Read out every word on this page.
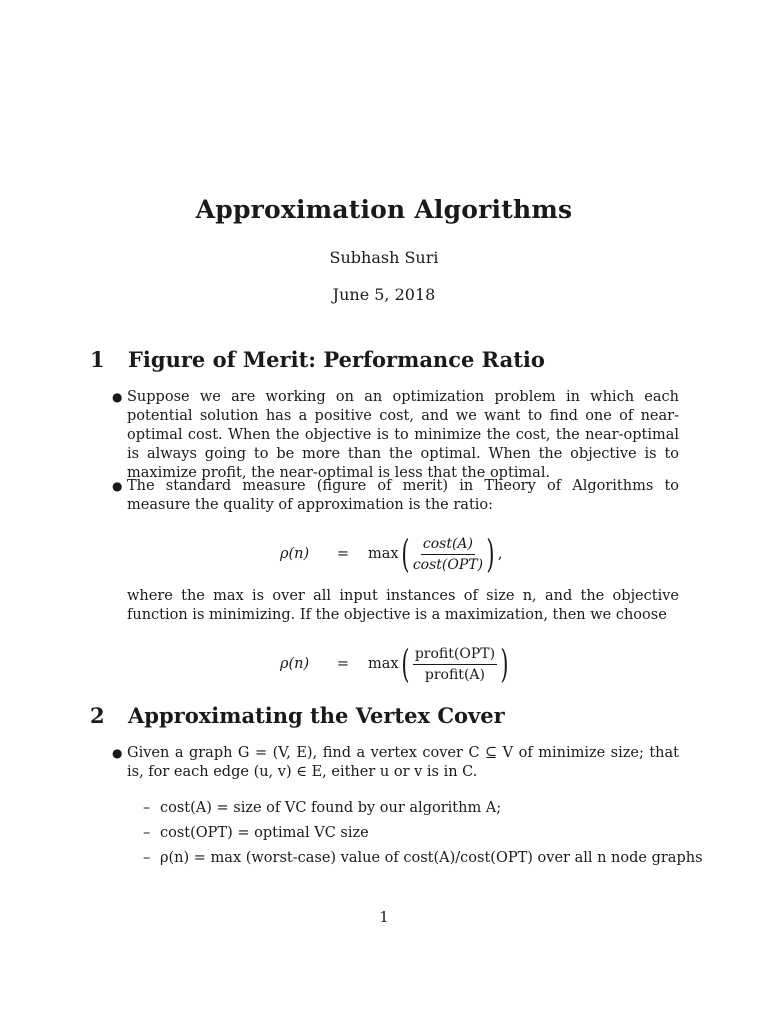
Approximation Algorithms
Subhash Suri
June 5, 2018
1 Figure of Merit: Performance Ratio
● Suppose we are working on an optimization problem in which each potential solution has a positive cost, and we want to find one of near-optimal cost. When the objective is to minimize the cost, the near-optimal is always going to be more than the optimal. When the objective is to maximize profit, the near-optimal is less that the optimal.
● The standard measure (figure of merit) in Theory of Algorithms to measure the quality of approximation is the ratio:
ρ(n)	=	max ( $\frac{\cos t(A)}{\text{cost(OPT)}}$ ) ,
where the max is over all input instances of size n, and the objective function is minimizing. If the objective is a maximization, then we choose
ρ(n)	=	max ( $\frac{\text{profit(OPT)}}{\text{profit(A)}}$ )
2 Approximating the Vertex Cover
● Given a graph G = (V, E), find a vertex cover C ⊆ V of minimize size; that is, for each edge (u, v) ∈ E, either u or v is in C.
– cost(A) = size of VC found by our algorithm A;
– cost(OPT) = optimal VC size
– ρ(n) = max (worst-case) value of cost(A)/cost(OPT) over all n node graphs
1
